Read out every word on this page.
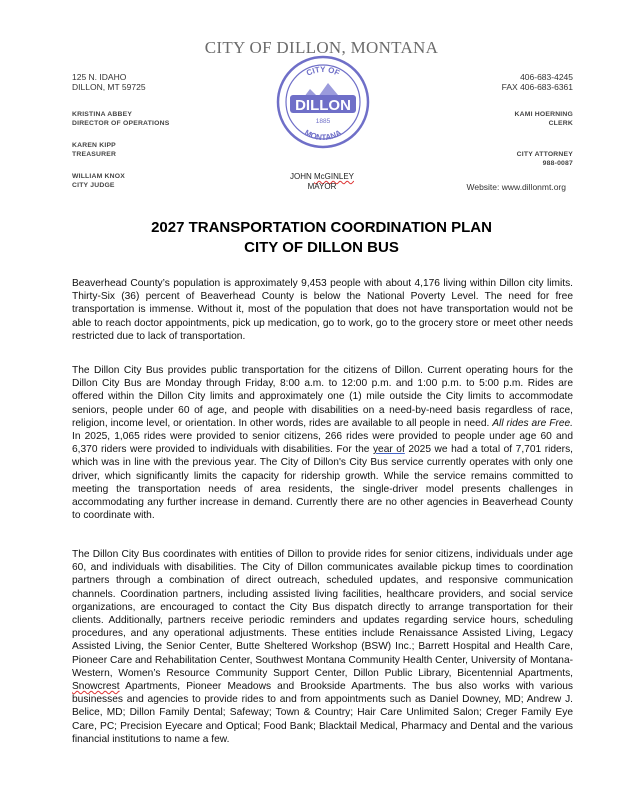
CITY OF DILLON, MONTANA
125 N. IDAHO
DILLON, MT 59725
406-683-4245
FAX 406-683-6361
KRISTINA ABBEY
DIRECTOR OF OPERATIONS
KAREN KIPP
TREASURER
WILLIAM KNOX
CITY JUDGE
KAMI HOERNING
CLERK
CITY ATTORNEY
988-0087
DILLON
CITY OF
1885
MONTANA
JOHN McGINLEY
MAYOR	Website: www.dillonmt.org
2027 TRANSPORTATION COORDINATION PLAN
CITY OF DILLON BUS
Beaverhead County’s population is approximately 9,453 people with about 4,176 living within Dillon city limits. Thirty-Six (36) percent of Beaverhead County is below the National Poverty Level. The need for free transportation is immense. Without it, most of the population that does not have transportation would not be able to reach doctor appointments, pick up medication, go to work, go to the grocery store or meet other needs restricted due to lack of transportation.
The Dillon City Bus provides public transportation for the citizens of Dillon. Current operating hours for the Dillon City Bus are Monday through Friday, 8:00 a.m. to 12:00 p.m. and 1:00 p.m. to 5:00 p.m. Rides are offered within the Dillon City limits and approximately one (1) mile outside the City limits to accommodate seniors, people under 60 of age, and people with disabilities on a need-by-need basis regardless of race, religion, income level, or orientation. In other words, rides are available to all people in need. All rides are Free. In 2025, 1,065 rides were provided to senior citizens, 266 rides were provided to people under age 60 and 6,370 riders were provided to individuals with disabilities. For the year of 2025 we had a total of 7,701 riders, which was in line with the previous year. The City of Dillon's City Bus service currently operates with only one driver, which significantly limits the capacity for ridership growth. While the service remains committed to meeting the transportation needs of area residents, the single-driver model presents challenges in accommodating any further increase in demand. Currently there are no other agencies in Beaverhead County to coordinate with.
The Dillon City Bus coordinates with entities of Dillon to provide rides for senior citizens, individuals under age 60, and individuals with disabilities. The City of Dillon communicates available pickup times to coordination partners through a combination of direct outreach, scheduled updates, and responsive communication channels. Coordination partners, including assisted living facilities, healthcare providers, and social service organizations, are encouraged to contact the City Bus dispatch directly to arrange transportation for their clients. Additionally, partners receive periodic reminders and updates regarding service hours, scheduling procedures, and any operational adjustments. These entities include Renaissance Assisted Living, Legacy Assisted Living, the Senior Center, Butte Sheltered Workshop (BSW) Inc.; Barrett Hospital and Health Care, Pioneer Care and Rehabilitation Center, Southwest Montana Community Health Center, University of Montana-Western, Women’s Resource Community Support Center, Dillon Public Library, Bicentennial Apartments, Snowcrest Apartments, Pioneer Meadows and Brookside Apartments. The bus also works with various businesses and agencies to provide rides to and from appointments such as Daniel Downey, MD; Andrew J. Belice, MD; Dillon Family Dental; Safeway; Town & Country; Hair Care Unlimited Salon; Creger Family Eye Care, PC; Precision Eyecare and Optical; Food Bank; Blacktail Medical, Pharmacy and Dental and the various financial institutions to name a few.
